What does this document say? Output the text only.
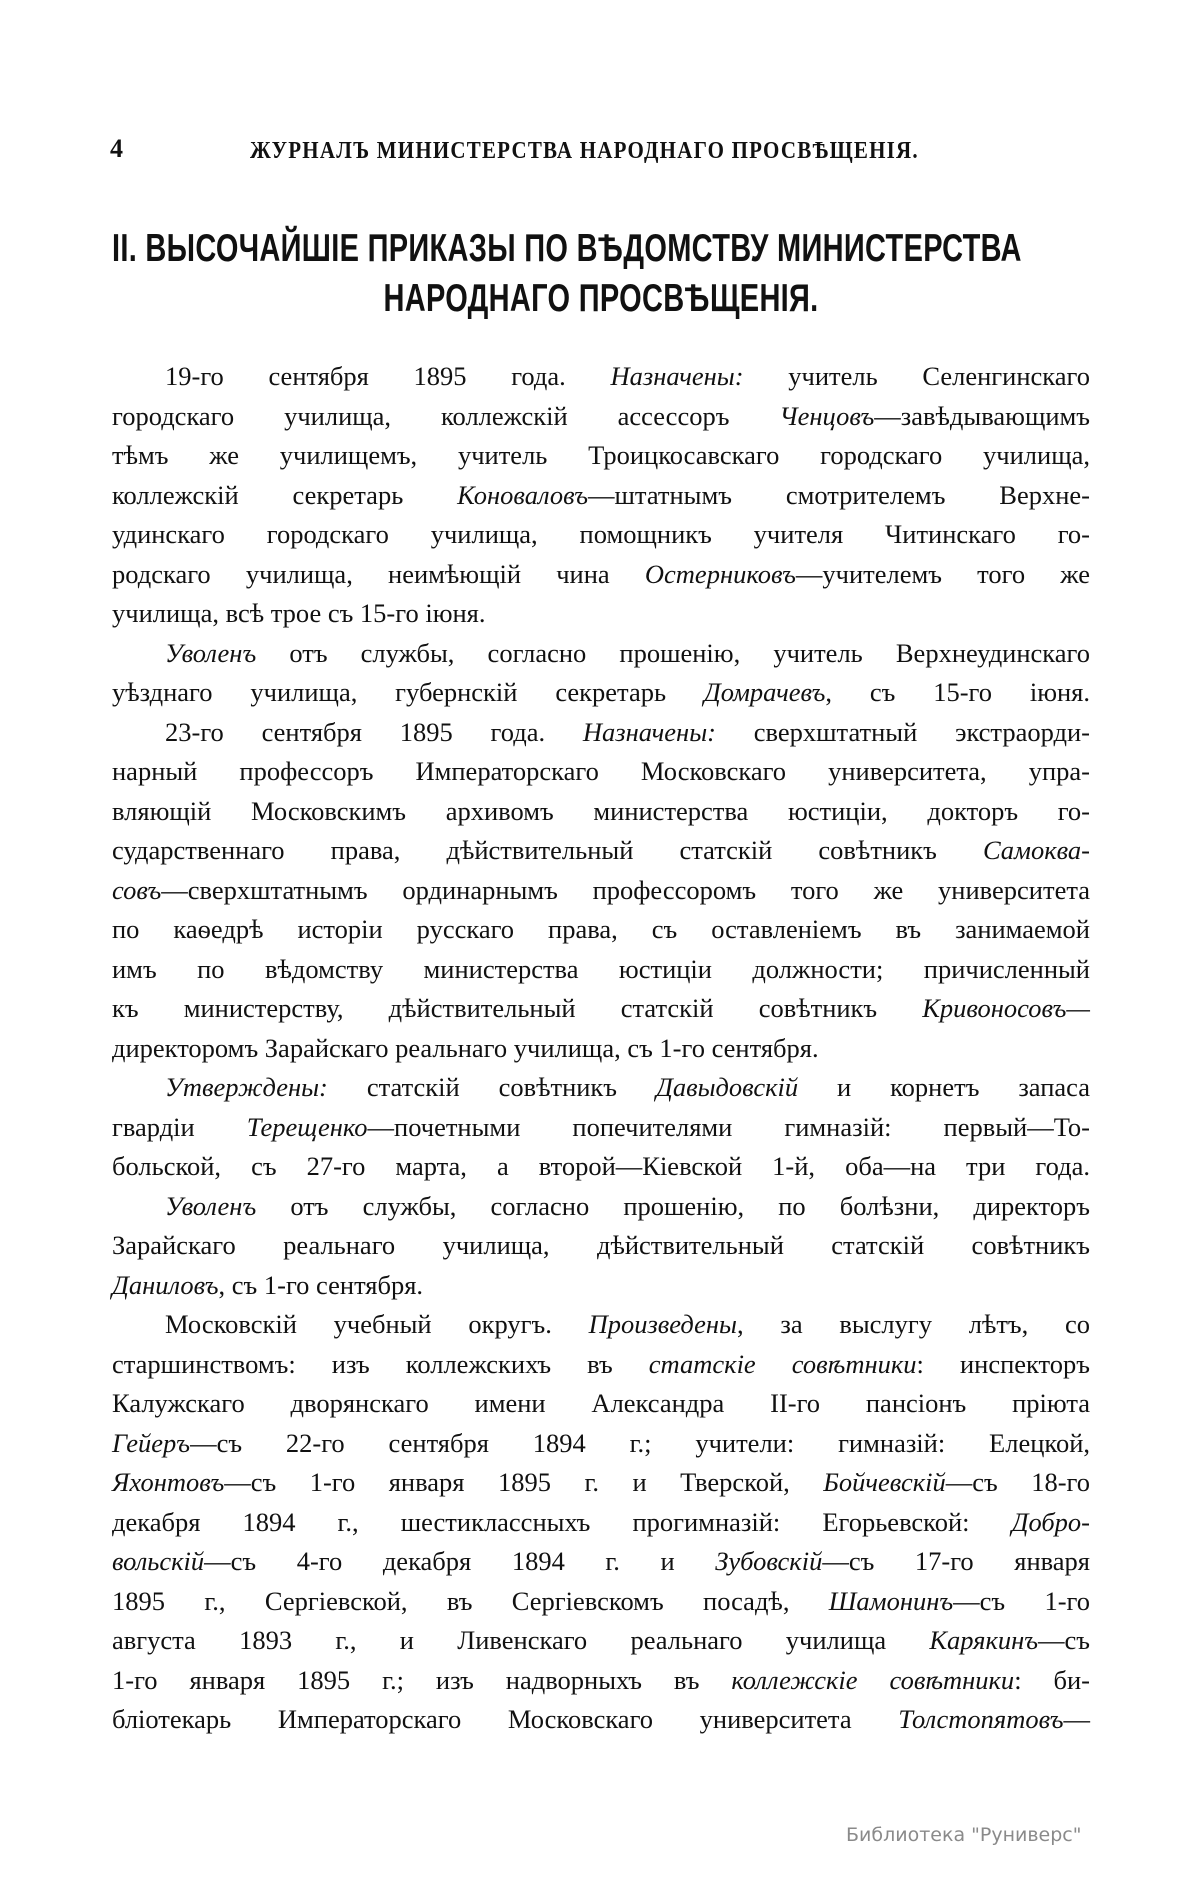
4	ЖУРНАЛЪ МИНИСТЕРСТВА НАРОДНАГО ПРОСВѢЩЕНІЯ.
II. ВЫСОЧАЙШІЕ ПРИКАЗЫ ПО ВѢДОМСТВУ МИНИСТЕРСТВА
НАРОДНАГО ПРОСВѢЩЕНІЯ.
19-го сентября 1895 года. Назначены: учитель Селенгинскаго
городскаго училища, коллежскій ассессоръ Ченцовъ—завѣдывающимъ
тѣмъ же училищемъ, учитель Троицкосавскаго городскаго училища,
коллежскій секретарь Коноваловъ—штатнымъ смотрителемъ Верхне-
удинскаго городскаго училища, помощникъ учителя Читинскаго го-
родскаго училища, неимѣющій чина Остерниковъ—учителемъ того же
училища, всѣ трое съ 15-го іюня.
Уволенъ отъ службы, согласно прошенію, учитель Верхнеудинскаго
уѣзднаго училища, губернскій секретарь Домрачевъ, съ 15-го іюня.
23-го сентября 1895 года. Назначены: сверхштатный экстраорди-
нарный профессоръ Императорскаго Московскаго университета, упра-
вляющій Московскимъ архивомъ министерства юстиціи, докторъ го-
сударственнаго права, дѣйствительный статскій совѣтникъ Самоква-
совъ—сверхштатнымъ ординарнымъ профессоромъ того же университета
по каѳедрѣ исторіи русскаго права, съ оставленіемъ въ занимаемой
имъ по вѣдомству министерства юстиціи должности; причисленный
къ министерству, дѣйствительный статскій совѣтникъ Кривоносовъ—
директоромъ Зарайскаго реальнаго училища, съ 1-го сентября.
Утверждены: статскій совѣтникъ Давыдовскій и корнетъ запаса
гвардіи Терещенко—почетными попечителями гимназій: первый—То-
больской, съ 27-го марта, а второй—Кіевской 1-й, оба—на три года.
Уволенъ отъ службы, согласно прошенію, по болѣзни, директоръ
Зарайскаго реальнаго училища, дѣйствительный статскій совѣтникъ
Даниловъ, съ 1-го сентября.
Московскій учебный округъ. Произведены, за выслугу лѣтъ, со
старшинствомъ: изъ коллежскихъ въ статскіе совѣтники: инспекторъ
Калужскаго дворянскаго имени Александра II-го пансіонъ пріюта
Гейеръ—съ 22-го сентября 1894 г.; учители: гимназій: Елецкой,
Яхонтовъ—съ 1-го января 1895 г. и Тверской, Бойчевскій—съ 18-го
декабря 1894 г., шестиклассныхъ прогимназій: Егорьевской: Добро-
вольскій—съ 4-го декабря 1894 г. и Зубовскій—съ 17-го января
1895 г., Сергіевской, въ Сергіевскомъ посадѣ, Шамонинъ—съ 1-го
августа 1893 г., и Ливенскаго реальнаго училища Карякинъ—съ
1-го января 1895 г.; изъ надворныхъ въ коллежскіе совѣтники: би-
бліотекарь Императорскаго Московскаго университета Толстопятовъ—
Библиотека "Руниверс"
